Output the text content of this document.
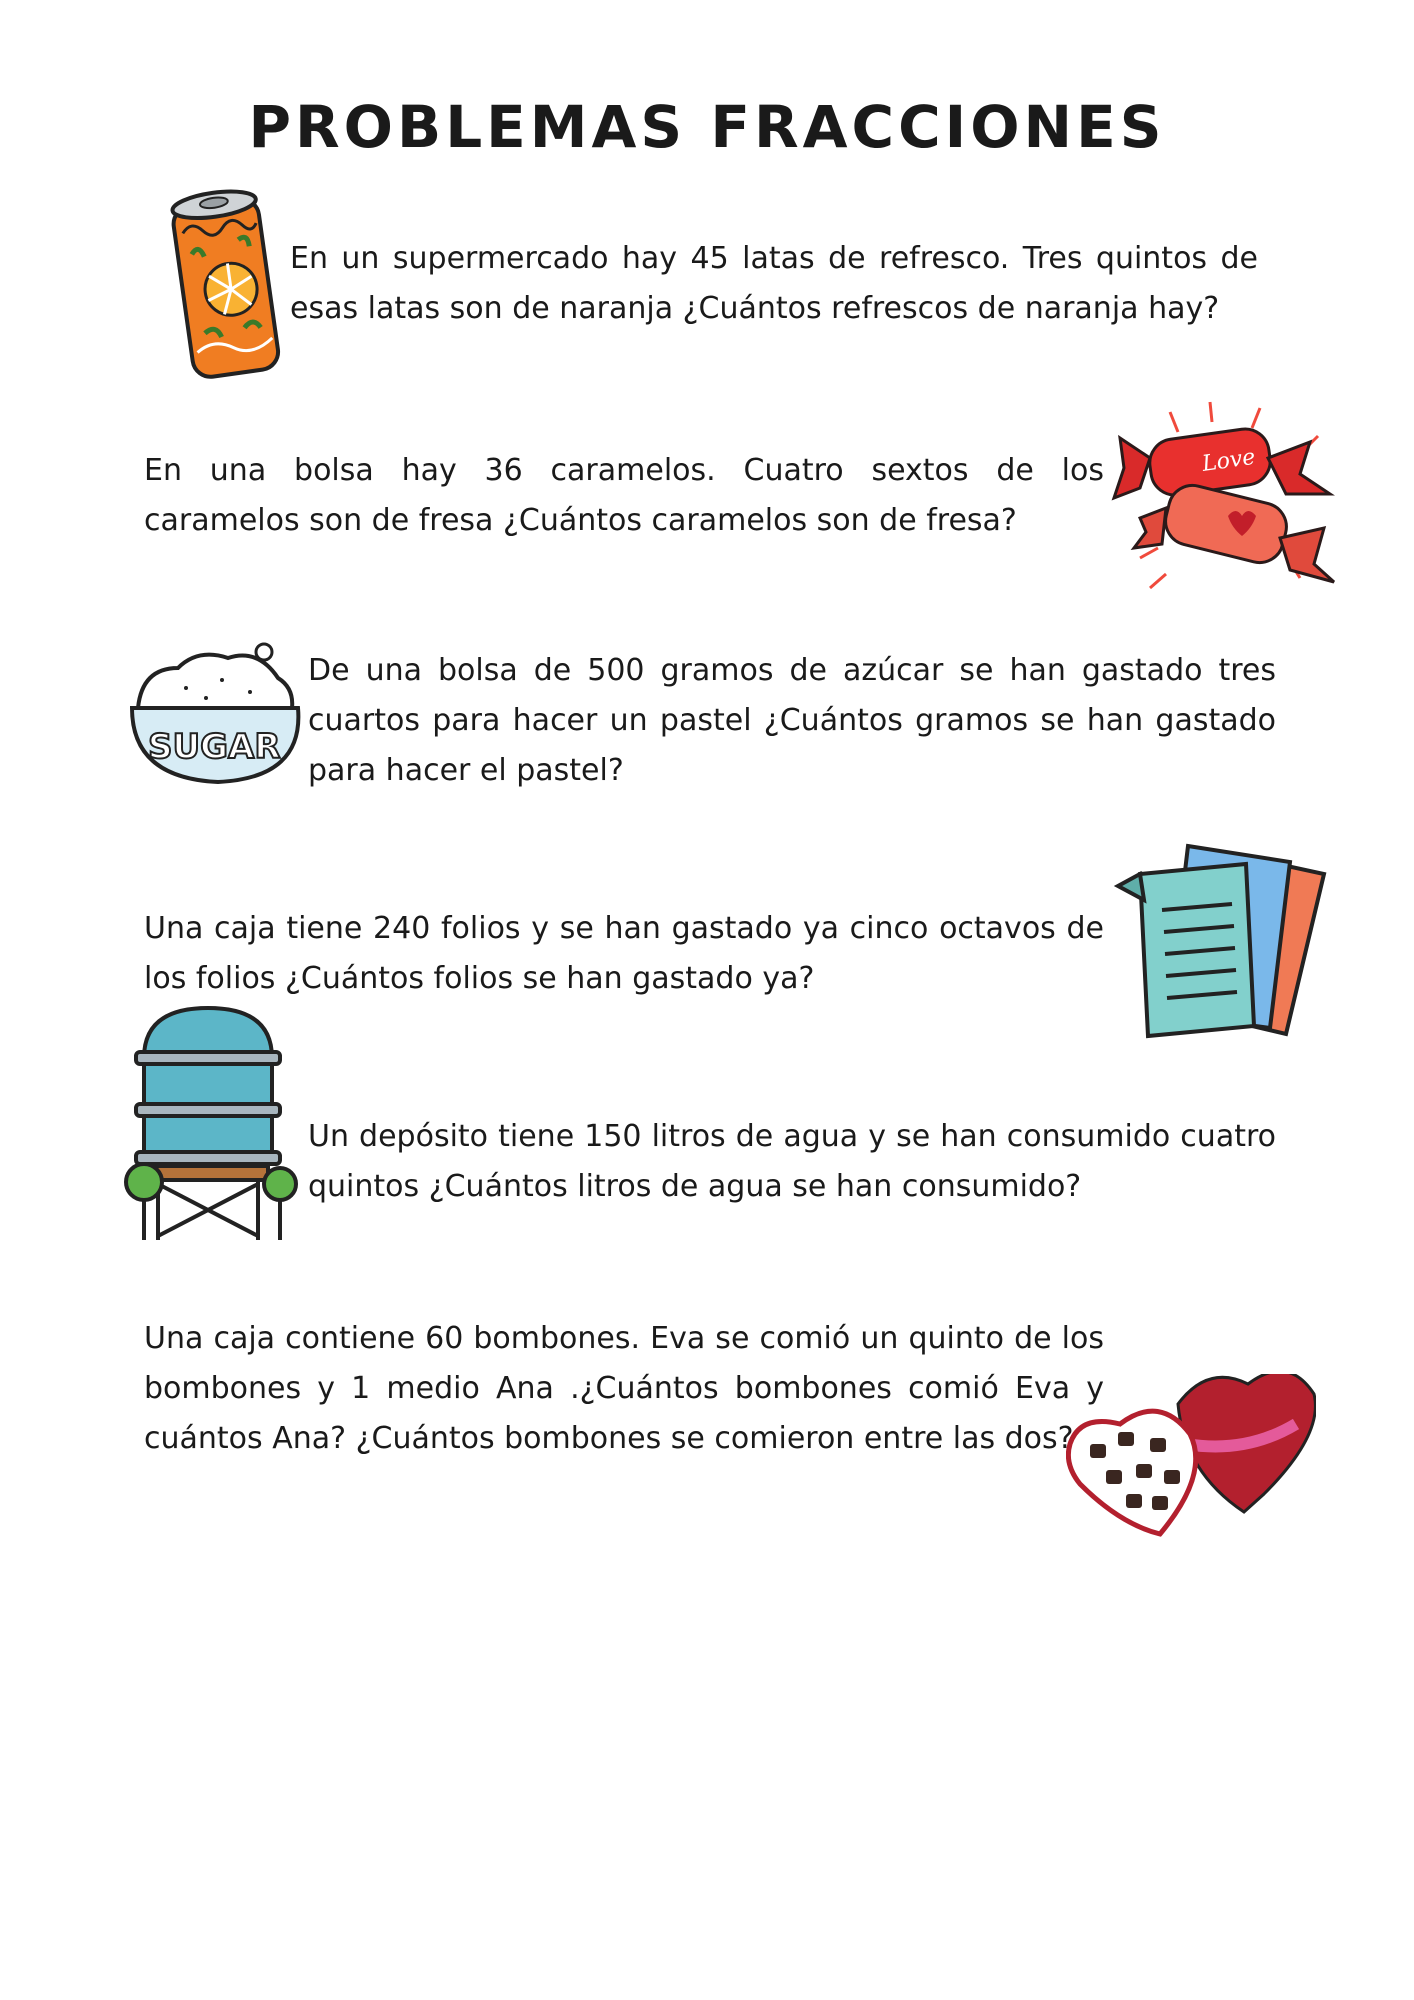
PROBLEMAS FRACCIONES

En un supermercado hay 45 latas de refresco. Tres quintos de esas latas son de naranja ¿Cuántos refrescos de naranja hay?

Love

En una bolsa hay 36 caramelos. Cuatro sextos de los caramelos son de fresa ¿Cuántos caramelos son de fresa?

SUGAR

De una bolsa de 500 gramos de azúcar se han gastado tres cuartos para hacer un pastel ¿Cuántos gramos se han gastado para hacer el pastel?

Una caja tiene 240 folios y se han gastado ya cinco octavos de los folios ¿Cuántos folios se han gastado ya?

Un depósito tiene 150 litros de agua y se han consumido cuatro quintos ¿Cuántos litros de agua se han consumido?

Una caja contiene 60 bombones. Eva se comió un quinto de los bombones y 1 medio Ana .¿Cuántos bombones comió Eva y cuántos Ana? ¿Cuántos bombones se comieron entre las dos?
